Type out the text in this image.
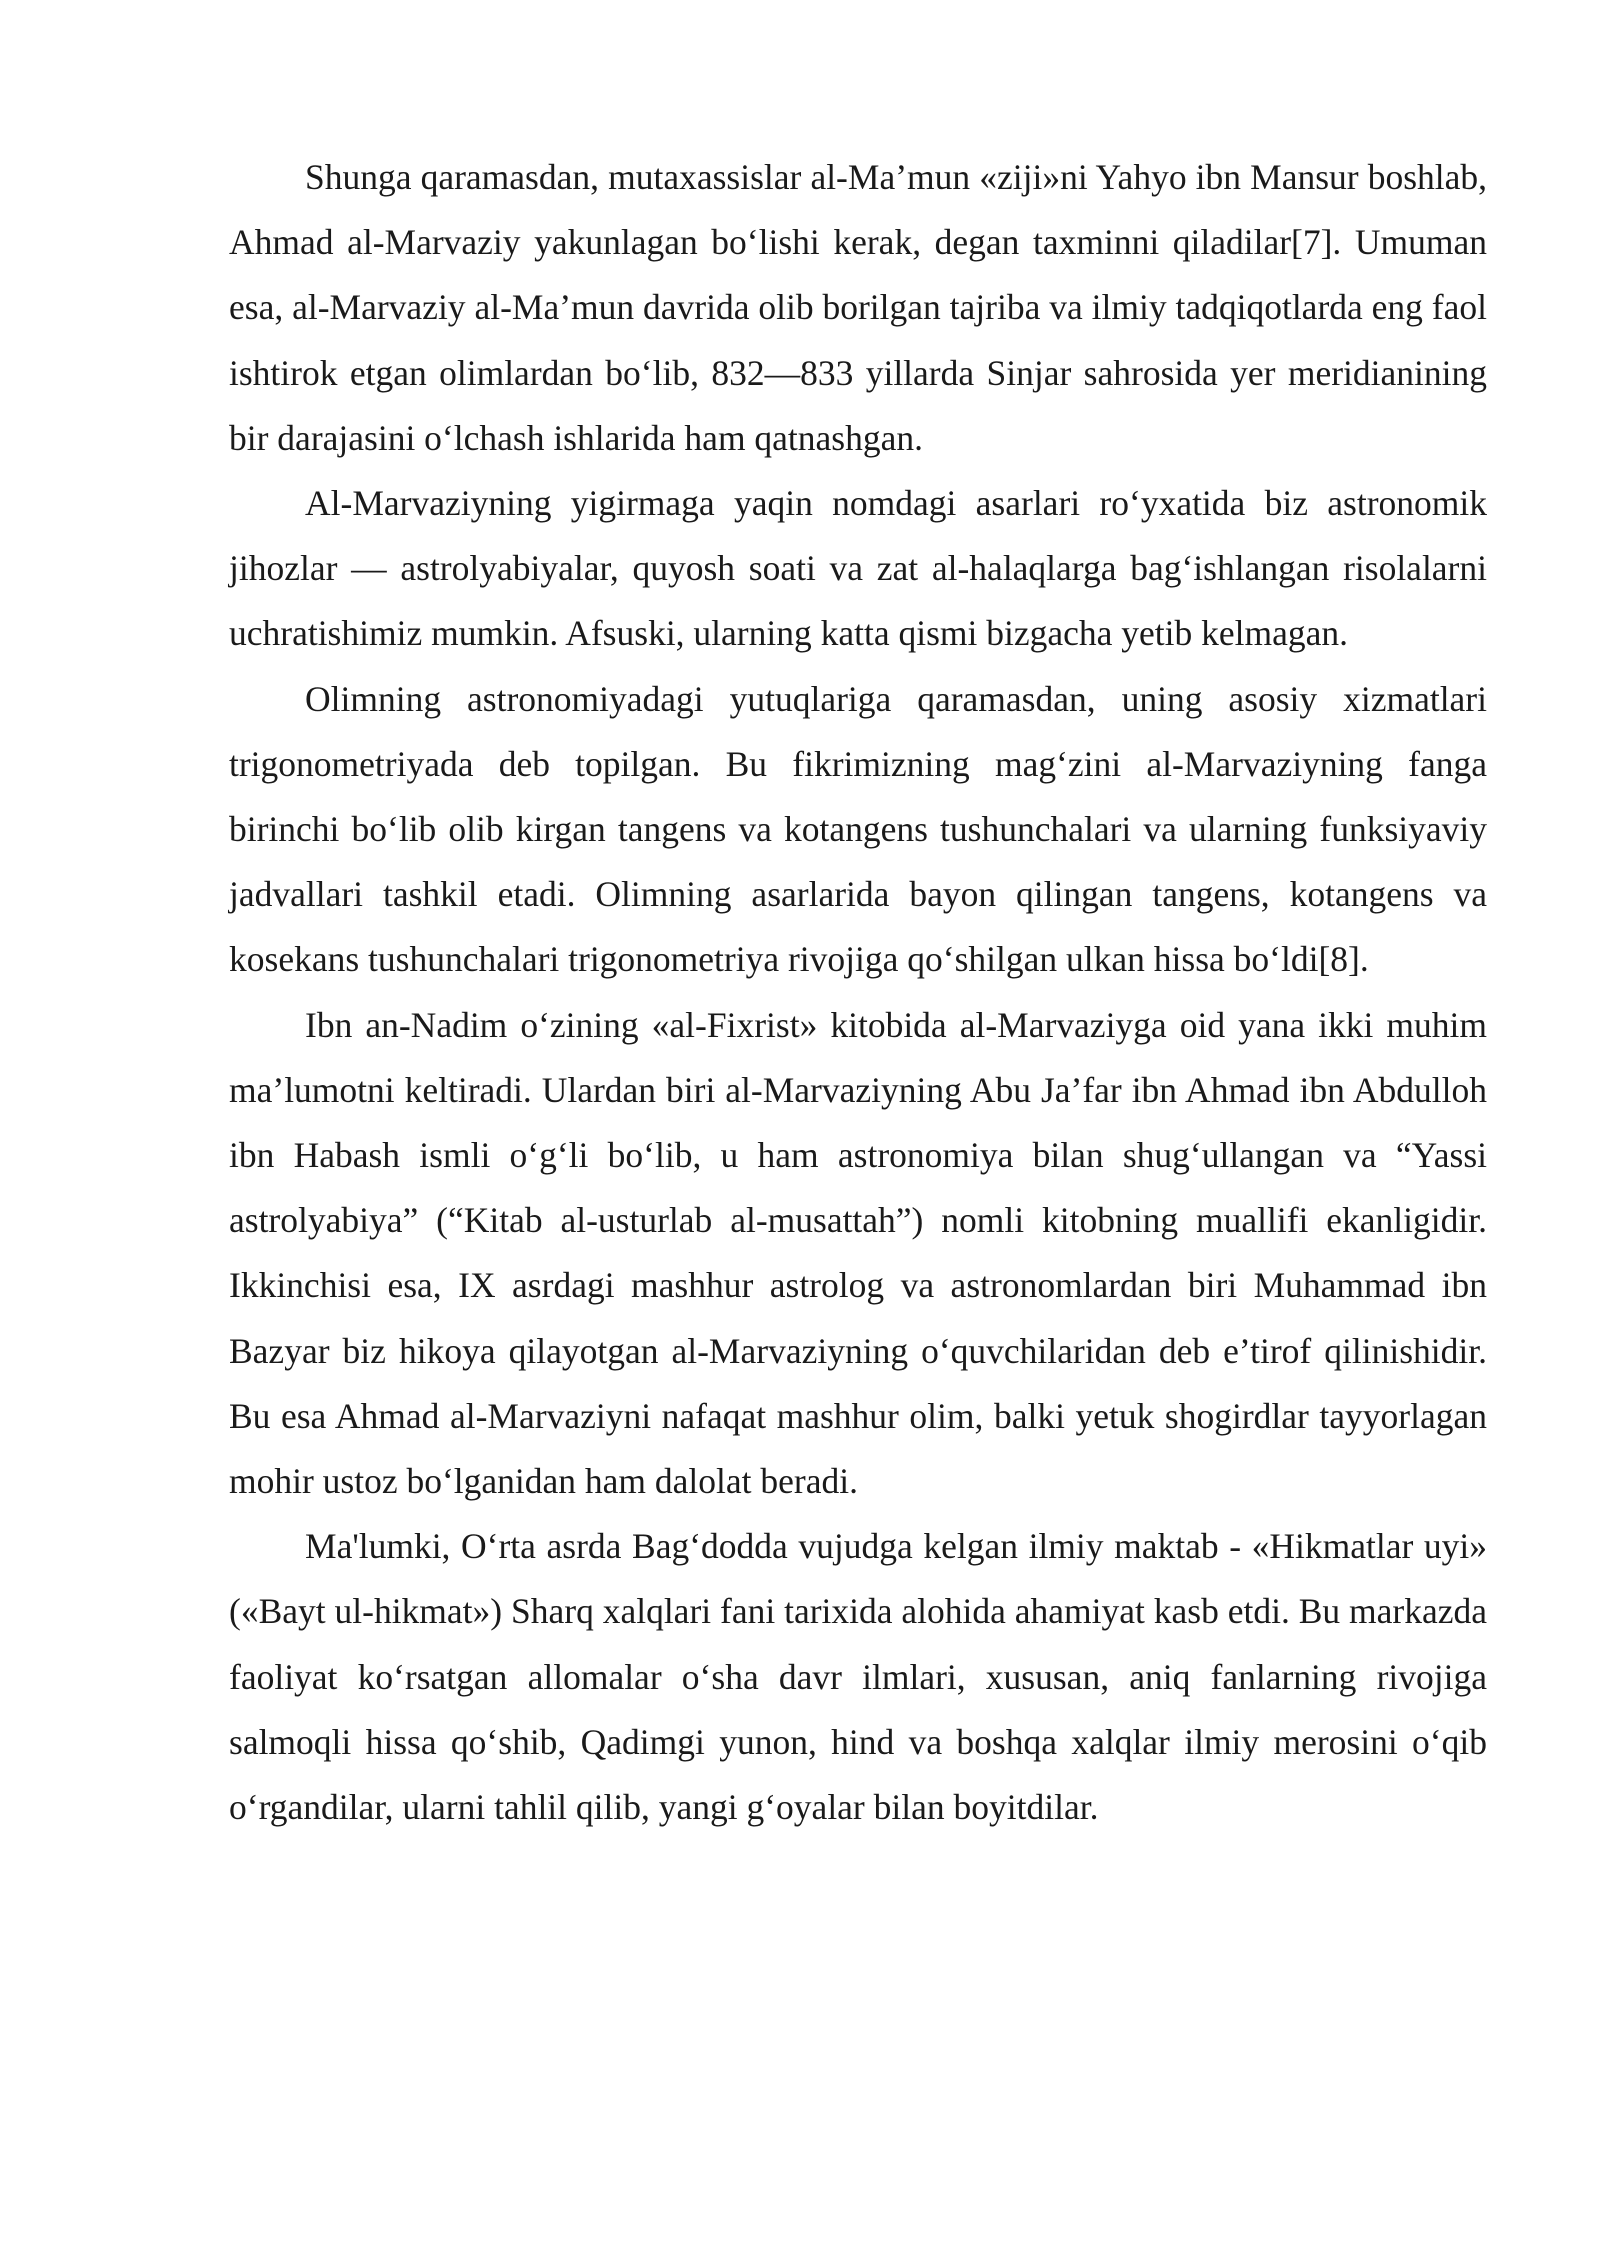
Shunga qaramasdan, mutaxassislar al-Ma’mun «ziji»ni Yahyo ibn Mansur boshlab, Ahmad al-Marvaziy yakunlagan bo‘lishi kerak, degan taxminni qiladilar[7]. Umuman esa, al-Marvaziy al-Ma’mun davrida olib borilgan tajriba va ilmiy tadqiqotlarda eng faol ishtirok etgan olimlardan bo‘lib, 832—833 yillarda Sinjar sahrosida yer meridianining bir darajasini o‘lchash ishlarida ham qatnashgan.

Al-Marvaziyning yigirmaga yaqin nomdagi asarlari ro‘yxatida biz astronomik jihozlar — astrolyabiyalar, quyosh soati va zat al-halaqlarga bag‘ishlangan risolalarni uchratishimiz mumkin. Afsuski, ularning katta qismi bizgacha yetib kelmagan.

Olimning astronomiyadagi yutuqlariga qaramasdan, uning asosiy xizmatlari trigonometriyada deb topilgan. Bu fikrimizning mag‘zini al-Marvaziyning fanga birinchi bo‘lib olib kirgan tangens va kotangens tushunchalari va ularning funksiyaviy jadvallari tashkil etadi. Olimning asarlarida bayon qilingan tangens, kotangens va kosekans tushunchalari trigonometriya rivojiga qo‘shilgan ulkan hissa bo‘ldi[8].

Ibn an-Nadim o‘zining «al-Fixrist» kitobida al-Marvaziyga oid yana ikki muhim ma’lumotni keltiradi. Ulardan biri al-Marvaziyning Abu Ja’far ibn Ahmad ibn Abdulloh ibn Habash ismli o‘g‘li bo‘lib, u ham astronomiya bilan shug‘ullangan va “Yassi astrolyabiya” (“Kitab al-usturlab al-musattah”) nomli kitobning muallifi ekanligidir. Ikkinchisi esa, IX asrdagi mashhur astrolog va astronomlardan biri Muhammad ibn Bazyar biz hikoya qilayotgan al-Marvaziyning o‘quvchilaridan deb e’tirof qilinishidir. Bu esa Ahmad al-Marvaziyni nafaqat mashhur olim, balki yetuk shogirdlar tayyorlagan mohir ustoz bo‘lganidan ham dalolat beradi.

Ma'lumki, O‘rta asrda Bag‘dodda vujudga kelgan ilmiy maktab - «Hikmatlar uyi» («Bayt ul-hikmat») Sharq xalqlari fani tarixida alohida ahamiyat kasb etdi. Bu markazda faoliyat ko‘rsatgan allomalar o‘sha davr ilmlari, xususan, aniq fanlarning rivojiga salmoqli hissa qo‘shib, Qadimgi yunon, hind va boshqa xalqlar ilmiy merosini o‘qib o‘rgandilar, ularni tahlil qilib, yangi g‘oyalar bilan boyitdilar.
